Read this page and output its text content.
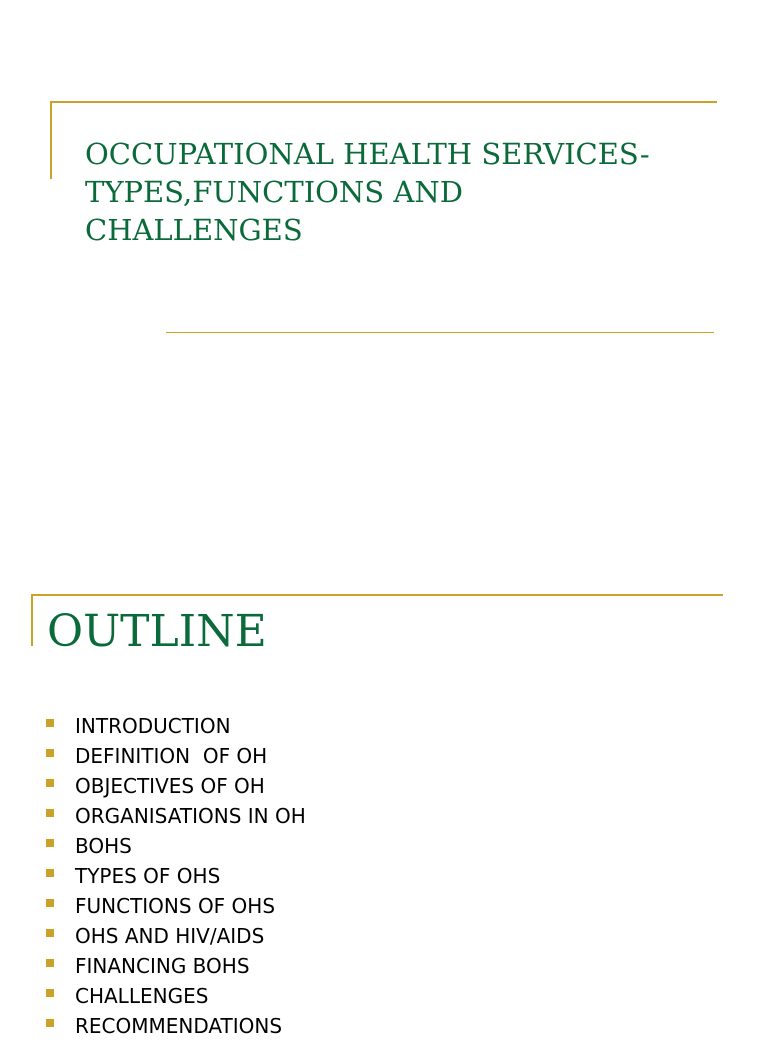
OCCUPATIONAL HEALTH SERVICES-
TYPES,FUNCTIONS AND
CHALLENGES
OUTLINE
INTRODUCTION
DEFINITION  OF OH
OBJECTIVES OF OH
ORGANISATIONS IN OH
BOHS
TYPES OF OHS
FUNCTIONS OF OHS
OHS AND HIV/AIDS
FINANCING BOHS
CHALLENGES
RECOMMENDATIONS
